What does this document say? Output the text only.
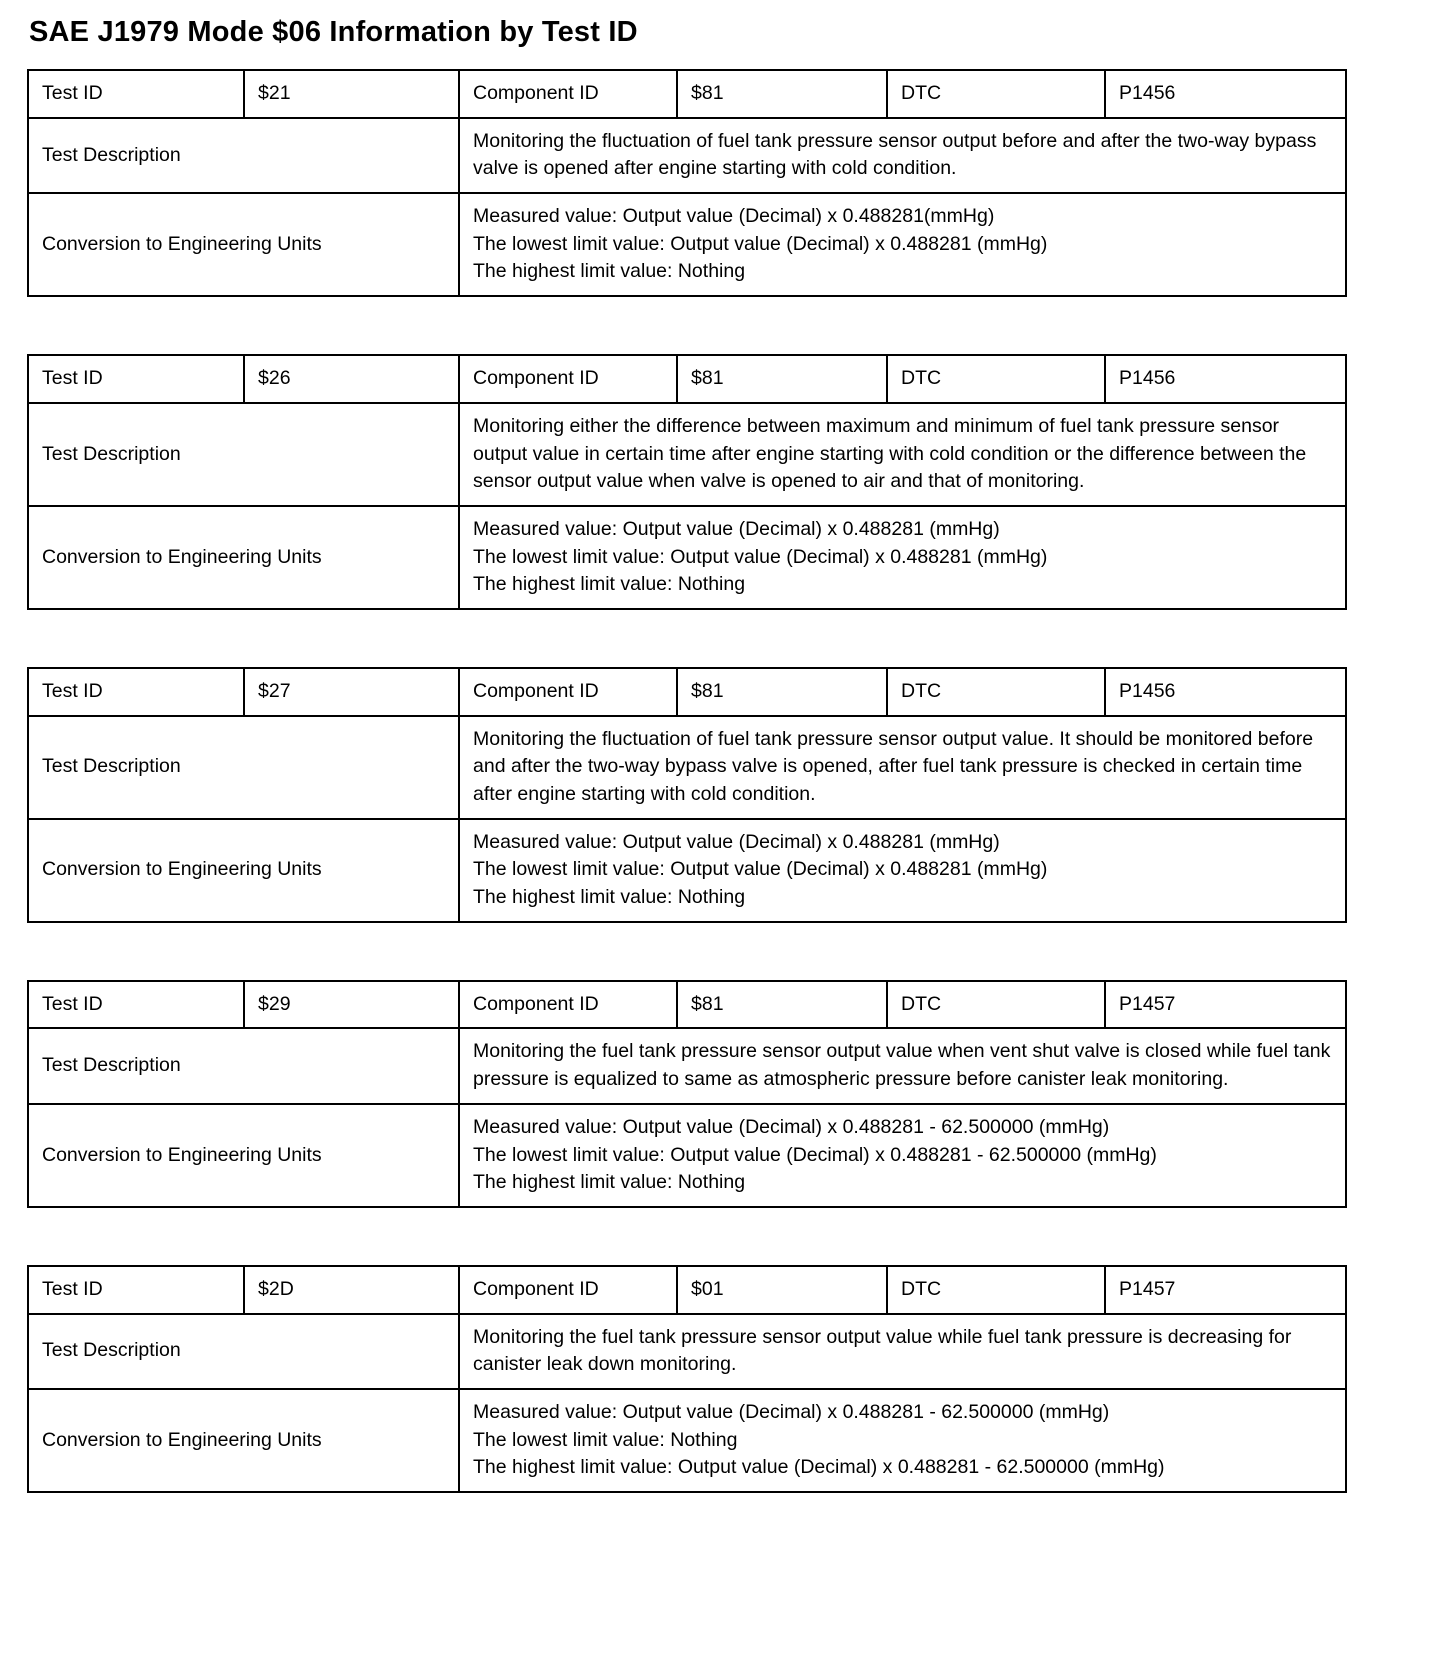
SAE J1979 Mode $06 Information by Test ID
Test ID	$21	Component ID	$81	DTC	P1456
Test Description		Monitoring the fluctuation of fuel tank pressure sensor output before and after the two-way bypass valve is opened after engine starting with cold condition.			
Conversion to Engineering Units		Measured value: Output value (Decimal) x 0.488281(mmHg)
The lowest limit value: Output value (Decimal) x 0.488281 (mmHg)
The highest limit value: Nothing			
Test ID	$26	Component ID	$81	DTC	P1456
Test Description		Monitoring either the difference between maximum and minimum of fuel tank pressure sensor output value in certain time after engine starting with cold condition or the difference between the sensor output value when valve is opened to air and that of monitoring.			
Conversion to Engineering Units		Measured value: Output value (Decimal) x 0.488281 (mmHg)
The lowest limit value: Output value (Decimal) x 0.488281 (mmHg)
The highest limit value: Nothing			
Test ID	$27	Component ID	$81	DTC	P1456
Test Description		Monitoring the fluctuation of fuel tank pressure sensor output value. It should be monitored before and after the two-way bypass valve is opened, after fuel tank pressure is checked in certain time after engine starting with cold condition.			
Conversion to Engineering Units		Measured value: Output value (Decimal) x 0.488281 (mmHg)
The lowest limit value: Output value (Decimal) x 0.488281 (mmHg)
The highest limit value: Nothing			
Test ID	$29	Component ID	$81	DTC	P1457
Test Description		Monitoring the fuel tank pressure sensor output value when vent shut valve is closed while fuel tank pressure is equalized to same as atmospheric pressure before canister leak monitoring.			
Conversion to Engineering Units		Measured value: Output value (Decimal) x 0.488281 - 62.500000 (mmHg)
The lowest limit value: Output value (Decimal) x 0.488281 - 62.500000 (mmHg)
The highest limit value: Nothing			
Test ID	$2D	Component ID	$01	DTC	P1457
Test Description		Monitoring the fuel tank pressure sensor output value while fuel tank pressure is decreasing for canister leak down monitoring.			
Conversion to Engineering Units		Measured value: Output value (Decimal) x 0.488281 - 62.500000 (mmHg)
The lowest limit value: Nothing
The highest limit value: Output value (Decimal) x 0.488281 - 62.500000 (mmHg)			
